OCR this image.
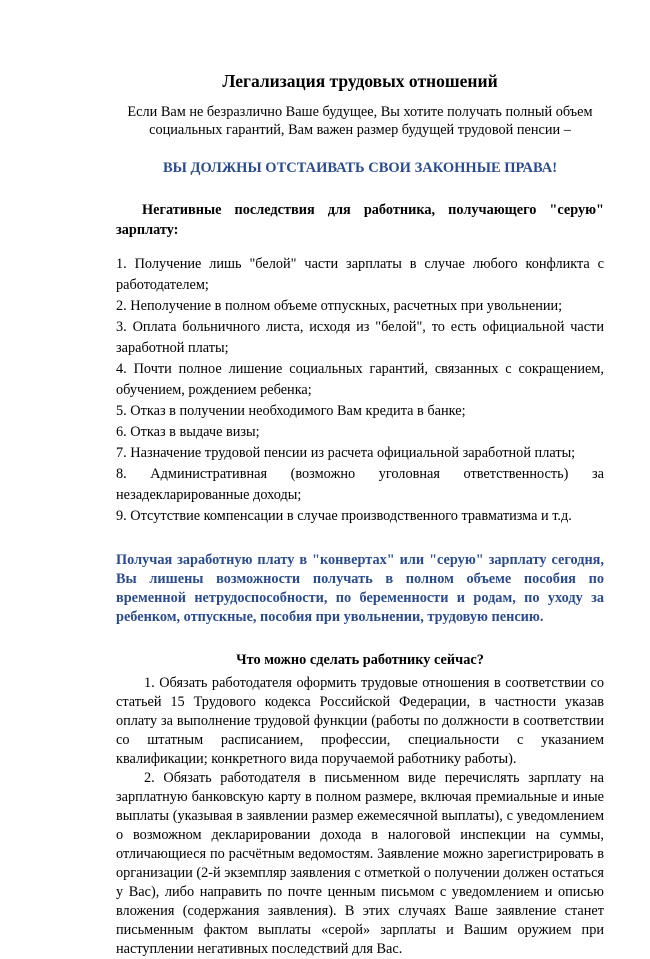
Легализация трудовых отношений
Если Вам не безразлично Ваше будущее, Вы хотите получать полный объем социальных гарантий, Вам важен размер будущей трудовой пенсии –
ВЫ ДОЛЖНЫ ОТСТАИВАТЬ СВОИ ЗАКОННЫЕ ПРАВА!
Негативные последствия для работника, получающего "серую" зарплату:

1. Получение лишь "белой" части зарплаты в случае любого конфликта с работодателем;

2. Неполучение в полном объеме отпускных, расчетных при увольнении;

3. Оплата больничного листа, исходя из "белой", то есть официальной части заработной платы;

4. Почти полное лишение социальных гарантий, связанных с сокращением, обучением, рождением ребенка;

5. Отказ в получении необходимого Вам кредита в банке;

6. Отказ в выдаче визы;

7. Назначение трудовой пенсии из расчета официальной заработной платы;

8. Административная (возможно уголовная ответственность) за незадекларированные доходы;

9. Отсутствие компенсации в случае производственного травматизма и т.д.

Получая заработную плату в "конвертах" или "серую" зарплату сегодня, Вы лишены возможности получать в полном объеме пособия по временной нетрудоспособности, по беременности и родам, по уходу за ребенком, отпускные, пособия при увольнении, трудовую пенсию.
Что можно сделать работнику сейчас?

1. Обязать работодателя оформить трудовые отношения в соответствии со статьей 15 Трудового кодекса Российской Федерации, в частности указав оплату за выполнение трудовой функции (работы по должности в соответствии со штатным расписанием, профессии, специальности с указанием квалификации; конкретного вида поручаемой работнику работы).

2. Обязать работодателя в письменном виде перечислять зарплату на зарплатную банковскую карту в полном размере, включая премиальные и иные выплаты (указывая в заявлении размер ежемесячной выплаты), с уведомлением о возможном декларировании дохода в налоговой инспекции на суммы, отличающиеся по расчётным ведомостям. Заявление можно зарегистрировать в организации (2-й экземпляр заявления с отметкой о получении должен остаться у Вас), либо направить по почте ценным письмом с уведомлением и описью вложения (содержания заявления). В этих случаях Ваше заявление станет письменным фактом выплаты «серой» зарплаты и Вашим оружием при наступлении негативных последствий для Вас.
